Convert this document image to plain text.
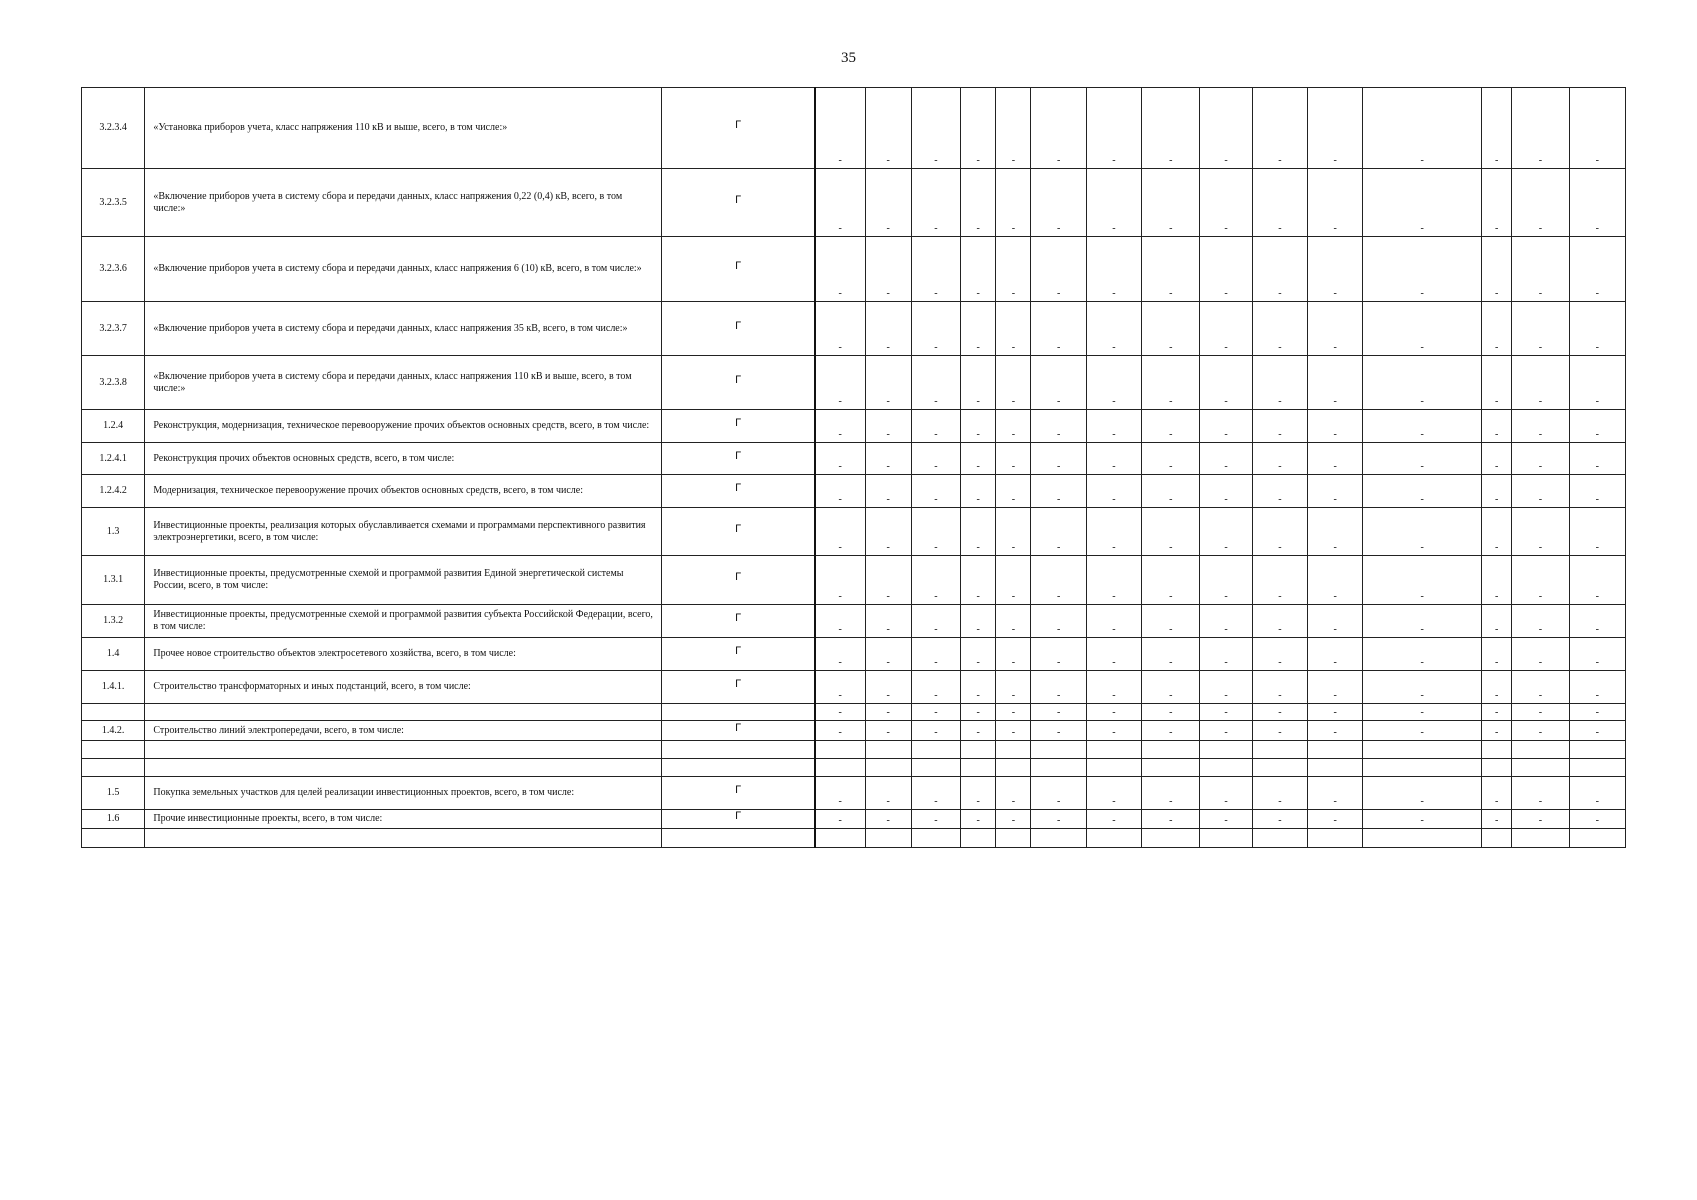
35
3.2.3.4	«Установка приборов учета, класс напряжения 110 кВ и выше, всего, в том числе:»	Г	-	-	-	-	-	-	-	-	-	-	-	-	-	-	-
3.2.3.5	«Включение приборов учета в систему сбора и передачи данных, класс напряжения 0,22 (0,4) кВ, всего, в том числе:»	Г	-	-	-	-	-	-	-	-	-	-	-	-	-	-	-
3.2.3.6	«Включение приборов учета в систему сбора и передачи данных, класс напряжения 6 (10) кВ, всего, в том числе:»	Г	-	-	-	-	-	-	-	-	-	-	-	-	-	-	-
3.2.3.7	«Включение приборов учета в систему сбора и передачи данных, класс напряжения 35 кВ, всего, в том числе:»	Г	-	-	-	-	-	-	-	-	-	-	-	-	-	-	-
3.2.3.8	«Включение приборов учета в систему сбора и передачи данных, класс напряжения 110 кВ и выше, всего, в том числе:»	Г	-	-	-	-	-	-	-	-	-	-	-	-	-	-	-
1.2.4	Реконструкция, модернизация, техническое перевооружение прочих объектов основных средств, всего, в том числе:	Г	-	-	-	-	-	-	-	-	-	-	-	-	-	-	-
1.2.4.1	Реконструкция прочих объектов основных средств, всего, в том числе:	Г	-	-	-	-	-	-	-	-	-	-	-	-	-	-	-
1.2.4.2	Модернизация, техническое перевооружение прочих объектов основных средств, всего, в том числе:	Г	-	-	-	-	-	-	-	-	-	-	-	-	-	-	-
1.3	Инвестиционные проекты, реализация которых обуславливается схемами и программами перспективного развития электроэнергетики, всего, в том числе:	Г	-	-	-	-	-	-	-	-	-	-	-	-	-	-	-
1.3.1	Инвестиционные проекты, предусмотренные схемой и программой развития Единой энергетической системы России, всего, в том числе:	Г	-	-	-	-	-	-	-	-	-	-	-	-	-	-	-
1.3.2	Инвестиционные проекты, предусмотренные схемой и программой развития субъекта Российской Федерации, всего, в том числе:	Г	-	-	-	-	-	-	-	-	-	-	-	-	-	-	-
1.4	Прочее новое строительство объектов электросетевого хозяйства, всего, в том числе:	Г	-	-	-	-	-	-	-	-	-	-	-	-	-	-	-
1.4.1.	Строительство трансформаторных и иных подстанций, всего, в том числе:	Г	-	-	-	-	-	-	-	-	-	-	-	-	-	-	-
			-	-	-	-	-	-	-	-	-	-	-	-	-	-	-
1.4.2.	Строительство линий электропередачи, всего, в том числе:	Г	-	-	-	-	-	-	-	-	-	-	-	-	-	-	-

1.5	Покупка земельных участков для целей реализации инвестиционных проектов, всего, в том числе:	Г	-	-	-	-	-	-	-	-	-	-	-	-	-	-	-
1.6	Прочие инвестиционные проекты, всего, в том числе:	Г	-	-	-	-	-	-	-	-	-	-	-	-	-	-	-
